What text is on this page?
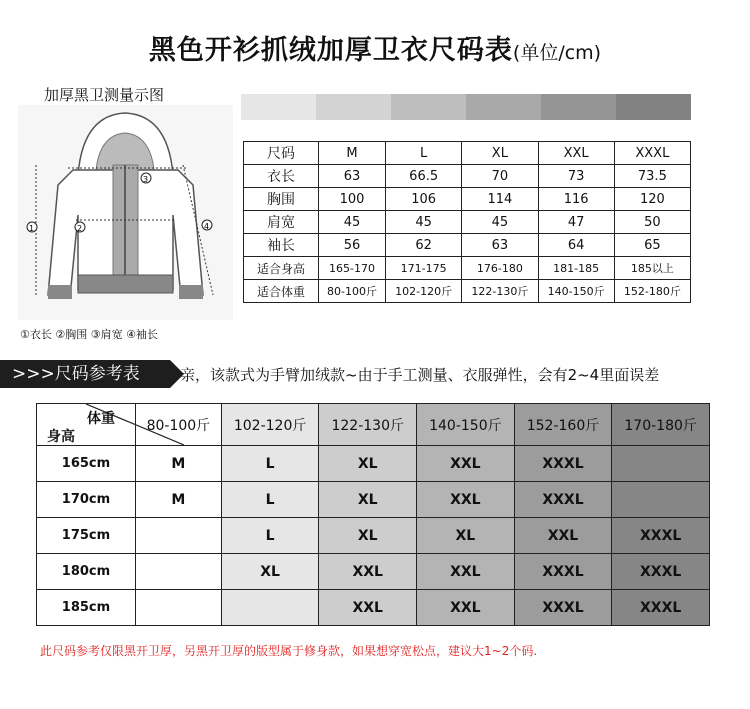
黑色开衫抓绒加厚卫衣尺码表(单位/cm)
加厚黑卫测量示图
1	2
3
4
①衣长 ②胸围 ③肩宽 ④袖长
尺码	M	L	XL	XXL	XXXL
衣长	63	66.5	70	73	73.5
胸围	100	106	114	116	120
肩宽	45	45	45	47	50
袖长	56	62	63	64	65
适合身高	165-170	171-175	176-180	181-185	185以上
适合体重	80-100斤	102-120斤	122-130斤	140-150斤	152-180斤
>>>尺码参考表	亲，该款式为手臂加绒款~由于手工测量、衣服弹性，会有2~4里面误差
体重
身高	80-100斤	102-120斤	122-130斤	140-150斤	152-160斤	170-180斤
165cm	M	L	XL	XXL	XXXL	
170cm	M	L	XL	XXL	XXXL	
175cm		L	XL	XL	XXL	XXXL
180cm		XL	XXL	XXL	XXXL	XXXL
185cm			XXL	XXL	XXXL	XXXL
此尺码参考仅限黑开卫厚，另黑开卫厚的版型属于修身款，如果想穿宽松点，建议大1~2个码.
